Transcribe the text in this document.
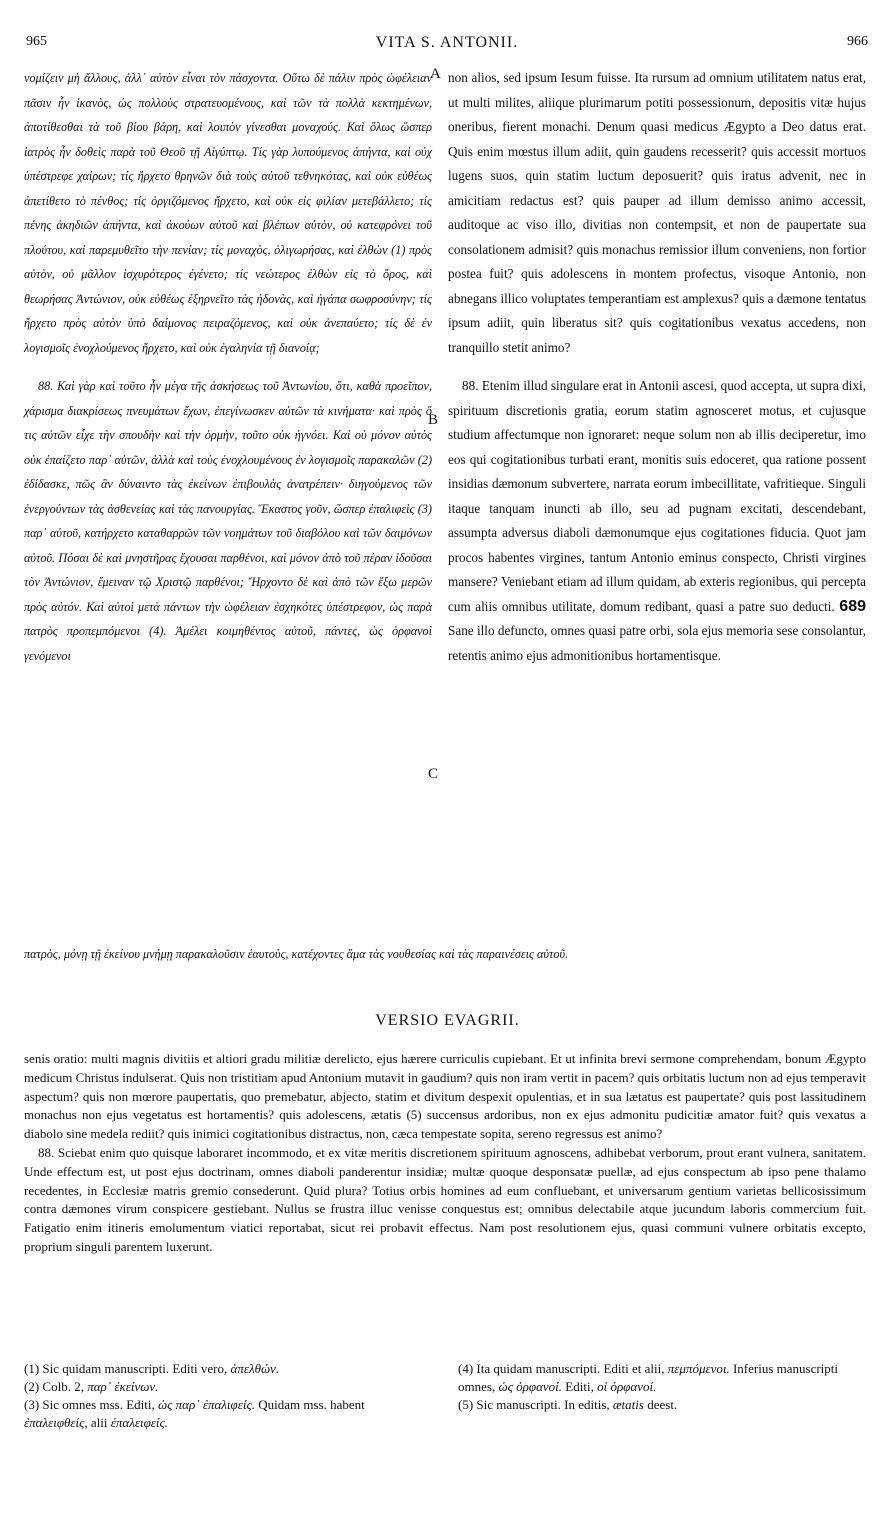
965	VITA S. ANTONII.	966
A
B
C

νομίζειν μὴ ἄλλους, ἀλλ᾽ αὐτὸν εἶναι τὸν πάσχοντα. Οὕτω δὲ πάλιν πρὸς ὠφέλειαν πᾶσιν ἦν ἱκανὸς, ὡς πολλοὺς στρατευομένους, καὶ τῶν τὰ πολλὰ κεκτημένων, ἀποτίθεσθαι τὰ τοῦ βίου βάρη, καὶ λοιπὸν γίνεσθαι μοναχούς. Καὶ ὅλως ὥσπερ ἰατρὸς ἦν δοθεὶς παρὰ τοῦ Θεοῦ τῇ Αἰγύπτῳ. Τίς γὰρ λυπούμενος ἀπήντα, καὶ οὐχ ὑπέστρεφε χαίρων; τίς ἤρχετο θρηνῶν διὰ τοὺς αὐτοῦ τεθνηκότας, καὶ οὐκ εὐθέως ἀπετίθετο τὸ πένθος; τίς ὀργιζόμενος ἤρχετο, καὶ οὐκ εἰς φιλίαν μετεβάλλετο; τίς πένης ἀκηδιῶν ἀπήντα, καὶ ἀκούων αὐτοῦ καὶ βλέπων αὐτὸν, οὐ κατεφρόνει τοῦ πλούτου, καὶ παρεμυθεῖτο τὴν πενίαν; τίς μοναχὸς, ὀλιγωρήσας, καὶ ἐλθὼν (1) πρὸς αὐτὸν, οὐ μᾶλλον ἰσχυρότερος ἐγένετο; τίς νεώτερος ἐλθὼν εἰς τὸ ὄρος, καὶ θεωρήσας Ἀντώνιον, οὐκ εὐθέως ἐξηρνεῖτο τὰς ἡδονὰς, καὶ ἠγάπα σωφροσύνην; τίς ἤρχετο πρὸς αὐτὸν ὑπὸ δαίμονος πειραζόμενος, καὶ οὐκ ἀνεπαύετο; τίς δὲ ἐν λογισμοῖς ἐνοχλούμενος ἤρχετο, καὶ οὐκ ἐγαληνία τῇ διανοίᾳ;

88. Καὶ γὰρ καὶ τοῦτο ἦν μέγα τῆς ἀσκήσεως τοῦ Ἀντωνίου, ὅτι, καθὰ προεῖπον, χάρισμα διακρίσεως πνευμάτων ἔχων, ἐπεγίνωσκεν αὐτῶν τὰ κινήματα· καὶ πρὸς ὅ τις αὐτῶν εἶχε τὴν σπουδὴν καὶ τὴν ὁρμὴν, τοῦτο οὐκ ἠγνόει. Καὶ οὐ μόνον αὐτὸς οὐκ ἐπαίζετο παρ᾽ αὐτῶν, ἀλλὰ καὶ τοὺς ἐνοχλουμένους ἐν λογισμοῖς παρακαλῶν (2) ἐδίδασκε, πῶς ἂν δύναιντο τὰς ἐκείνων ἐπιβουλὰς ἀνατρέπειν· διηγούμενος τῶν ἐνεργούντων τὰς ἀσθενείας καὶ τὰς πανουργίας. Ἕκαστος γοῦν, ὥσπερ ἐπαλιφεὶς (3) παρ᾽ αὐτοῦ, κατήρχετο καταθαρρῶν τῶν νοημάτων τοῦ διαβόλου καὶ τῶν δαιμόνων αὐτοῦ. Πόσαι δὲ καὶ μνηστῆρας ἔχουσαι παρθένοι, καὶ μόνον ἀπὸ τοῦ πέραν ἰδοῦσαι τὸν Ἀντώνιον, ἔμειναν τῷ Χριστῷ παρθένοι; Ἤρχοντο δὲ καὶ ἀπὸ τῶν ἔξω μερῶν πρὸς αὐτόν. Καὶ αὐτοὶ μετὰ πάντων τὴν ὠφέλειαν ἐσχηκότες ὑπέστρεφον, ὡς παρὰ πατρὸς προπεμπόμενοι (4). Ἀμέλει κοιμηθέντος αὐτοῦ, πάντες, ὡς ὀρφανοὶ γενόμενοι

non alios, sed ipsum Iesum fuisse. Ita rursum ad omnium utilitatem natus erat, ut multi milites, aliique plurimarum potiti possessionum, depositis vitæ hujus oneribus, fierent monachi. Denum quasi medicus Ægypto a Deo datus erat. Quis enim mœstus illum adiit, quin gaudens recesserit? quis accessit mortuos lugens suos, quin statim luctum deposuerit? quis iratus advenit, nec in amicitiam redactus est? quis pauper ad illum demisso animo accessit, auditoque ac viso illo, divitias non contempsit, et non de paupertate sua consolationem admisit? quis monachus remissior illum conveniens, non fortior postea fuit? quis adolescens in montem profectus, visoque Antonio, non abnegans illico voluptates temperantiam est amplexus? quis a dæmone tentatus ipsum adiit, quin liberatus sit? quis cogitationibus vexatus accedens, non tranquillo stetit animo?

88. Etenim illud singulare erat in Antonii ascesi, quod accepta, ut supra dixi, spirituum discretionis gratia, eorum statim agnosceret motus, et cujusque studium affectumque non ignoraret: neque solum non ab illis deciperetur, imo eos qui cogitationibus turbati erant, monitis suis edoceret, qua ratione possent insidias dæmonum subvertere, narrata eorum imbecillitate, vafritieque. Singuli itaque tanquam inuncti ab illo, seu ad pugnam excitati, descendebant, assumpta adversus diaboli dæmonumque ejus cogitationes fiducia. Quot jam procos habentes virgines, tantum Antonio eminus conspecto, Christi virgines mansere? Veniebant etiam ad illum quidam, ab exteris regionibus, qui percepta cum aliis omnibus utilitate, domum redibant, quasi a patre suo deducti. 689 Sane illo defuncto, omnes quasi patre orbi, sola ejus memoria sese consolantur, retentis animo ejus admonitionibus hortamentisque.

πατρὸς, μόνῃ τῇ ἐκείνου μνήμῃ παρακαλοῦσιν ἑαυτοὺς, κατέχοντες ἅμα τὰς νουθεσίας καὶ τὰς παραινέσεις αὐτοῦ.
VERSIO EVAGRII.

senis oratio: multi magnis divitiis et altiori gradu militiæ derelicto, ejus hærere curriculis cupiebant. Et ut infinita brevi sermone comprehendam, bonum Ægypto medicum Christus indulserat. Quis non tristitiam apud Antonium mutavit in gaudium? quis non iram vertit in pacem? quis orbitatis luctum non ad ejus temperavit aspectum? quis non mœrore paupertatis, quo premebatur, abjecto, statim et divitum despexit opulentias, et in sua lætatus est paupertate? quis post lassitudinem monachus non ejus vegetatus est hortamentis? quis adolescens, ætatis (5) succensus ardoribus, non ex ejus admonitu pudicitiæ amator fuit? quis vexatus a diabolo sine medela rediit? quis inimici cogitationibus distractus, non, cæca tempestate sopita, sereno regressus est animo?

88. Sciebat enim quo quisque laboraret incommodo, et ex vitæ meritis discretionem spirituum agnoscens, adhibebat verborum, prout erant vulnera, sanitatem. Unde effectum est, ut post ejus doctrinam, omnes diaboli panderentur insidiæ; multæ quoque desponsatæ puellæ, ad ejus conspectum ab ipso pene thalamo recedentes, in Ecclesiæ matris gremio consederunt. Quid plura? Totius orbis homines ad eum confluebant, et universarum gentium varietas bellicosissimum contra dæmones virum conspicere gestiebant. Nullus se frustra illuc venisse conquestus est; omnibus delectabile atque jucundum laboris commercium fuit. Fatigatio enim itineris emolumentum viatici reportabat, sicut rei probavit effectus. Nam post resolutionem ejus, quasi communi vulnere orbitatis excepto, proprium singuli parentem luxerunt.

(1) Sic quidam manuscripti. Editi vero, ἀπελθών.

(2) Colb. 2, παρ᾽ ἐκείνων.

(3) Sic omnes mss. Editi, ὡς παρ᾽ ἐπαλιφείς. Quidam mss. habent ἐπαλειφθείς, alii ἐπαλειφείς.

(4) Ita quidam manuscripti. Editi et alii, πεμπόμενοι. Inferius manuscripti omnes, ὡς ὀρφανοί. Editi, οἱ ὀρφανοί.

(5) Sic manuscripti. In editis, ætatis deest.
